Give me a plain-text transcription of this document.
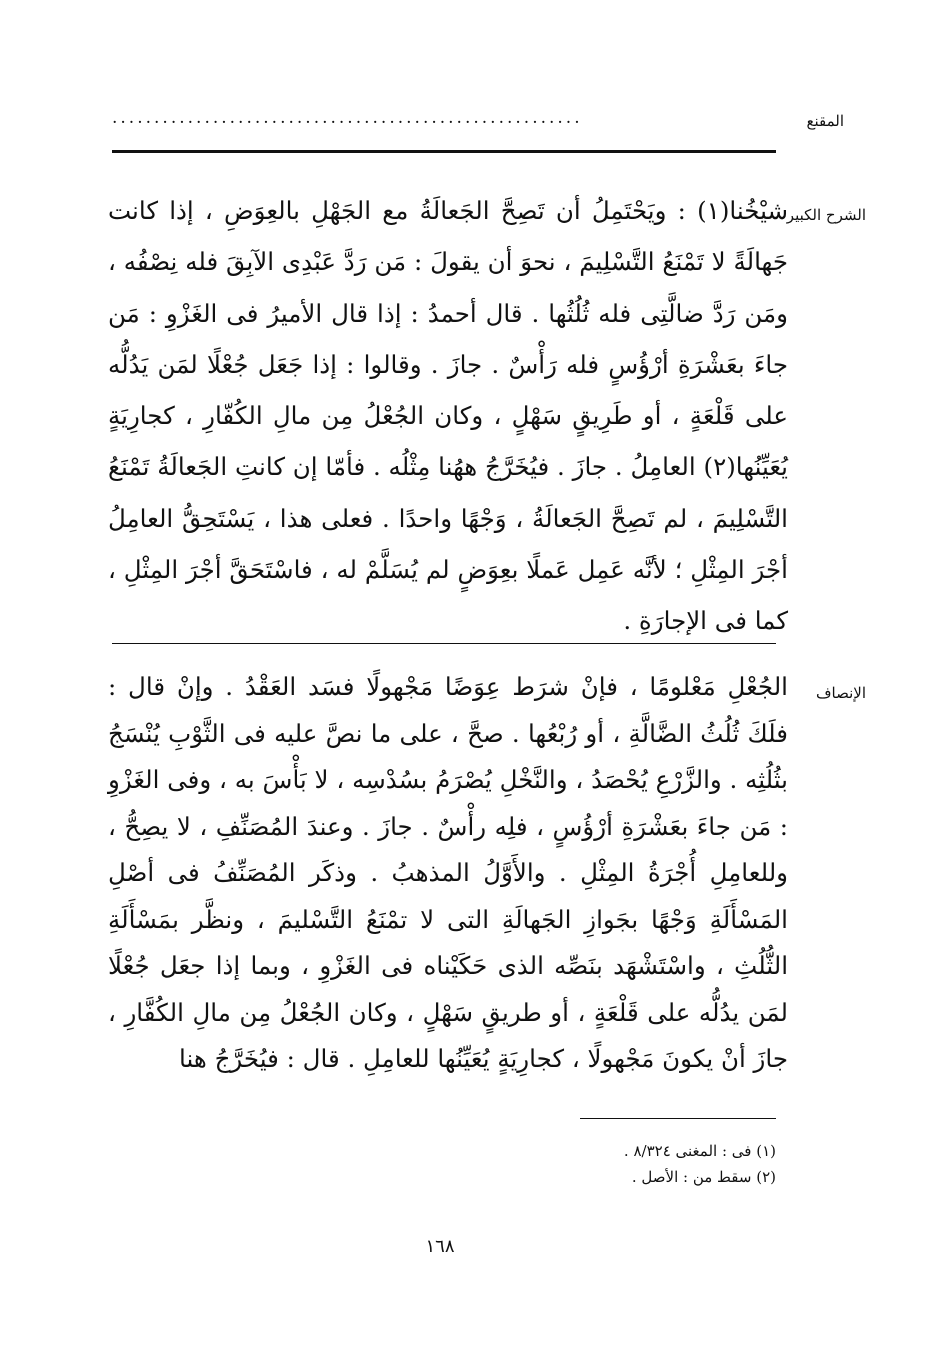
المقنع
........................................................
الشرح الكبير

شيْخُنا(١) : ويَحْتَمِلُ أن تَصِحَّ الجَعالَةُ مع الجَهْلِ بالعِوَضِ ، إذا كانت جَهالَةً لا تَمْنَعُ التَّسْلِيمَ ، نحوَ أن يقولَ : مَن رَدَّ عَبْدِى الآبِقَ فله نِصْفُه ، ومَن رَدَّ ضالَّتِى فله ثُلُثُها . قال أحمدُ : إذا قال الأميرُ فى الغَزْوِ : مَن جاءَ بعَشْرَةِ أرْؤُسٍ فله رَأْسٌ . جازَ . وقالوا : إذا جَعَل جُعْلًا لمَن يَدُلُّه على قَلْعَةٍ ، أو طَرِيقٍ سَهْلٍ ، وكان الجُعْلُ مِن مالِ الكُفّارِ ، كجارِيَةٍ يُعَيِّنُها(٢) العامِلُ . جازَ . فيُخَرَّجُ ههُنا مِثْلُه . فأمّا إن كانتِ الجَعالَةُ تَمْنَعُ التَّسْلِيمَ ، لم تَصِحَّ الجَعالَةُ ، وَجْهًا واحدًا . فعلى هذا ، يَسْتَحِقُّ العامِلُ أجْرَ المِثْلِ ؛ لأنَّه عَمِل عَملًا بعِوَضٍ لم يُسَلَّمْ له ، فاسْتَحَقَّ أجْرَ المِثْلِ ، كما فى الإجارَةِ .

الإنصاف

الجُعْلِ مَعْلومًا ، فإنْ شرَط عِوَضًا مَجْهولًا فسَد العَقْدُ . وإنْ قال : فلَكَ ثُلُثُ الضَّالَّةِ ، أو رُبْعُها . صحَّ ، على ما نصَّ عليه فى الثَّوْبِ يُنْسَجُ بثُلُثِه . والزَّرْعِ يُحْصَدُ ، والنَّخْلِ يُصْرَمُ بسُدْسِه ، لا بَأْسَ به ، وفى الغَزْوِ : مَن جاءَ بعَشْرَةِ أرْؤُسٍ ، فلِه رأْسٌ . جازَ . وعندَ المُصَنِّفِ ، لا يصِحُّ ، وللعامِلِ أُجْرَةُ المِثْلِ . والأَوَّلُ المذهبُ . وذكَر المُصَنِّفُ فى أصْلِ المَسْأَلَةِ وَجْهًا بجَوازِ الجَهالَةِ التى لا تمْنَعُ التَّسْليمَ ، ونظَّر بمَسْأَلَةِ الثُّلُثِ ، واسْتَشْهَد بنَصِّه الذى حَكَيْناه فى الغَزْوِ ، وبما إذا جعَل جُعْلًا لمَن يدُلُّه على قَلْعَةٍ ، أو طريقٍ سَهْلٍ ، وكان الجُعْلُ مِن مالِ الكُفَّارِ ، جازَ أنْ يكونَ مَجْهولًا ، كجارِيَةٍ يُعَيِّنُها للعامِلِ . قال : فيُخَرَّجُ هنا

(١) فى : المغنى ٨/٣٢٤ .

(٢) سقط من : الأصل .

١٦٨
